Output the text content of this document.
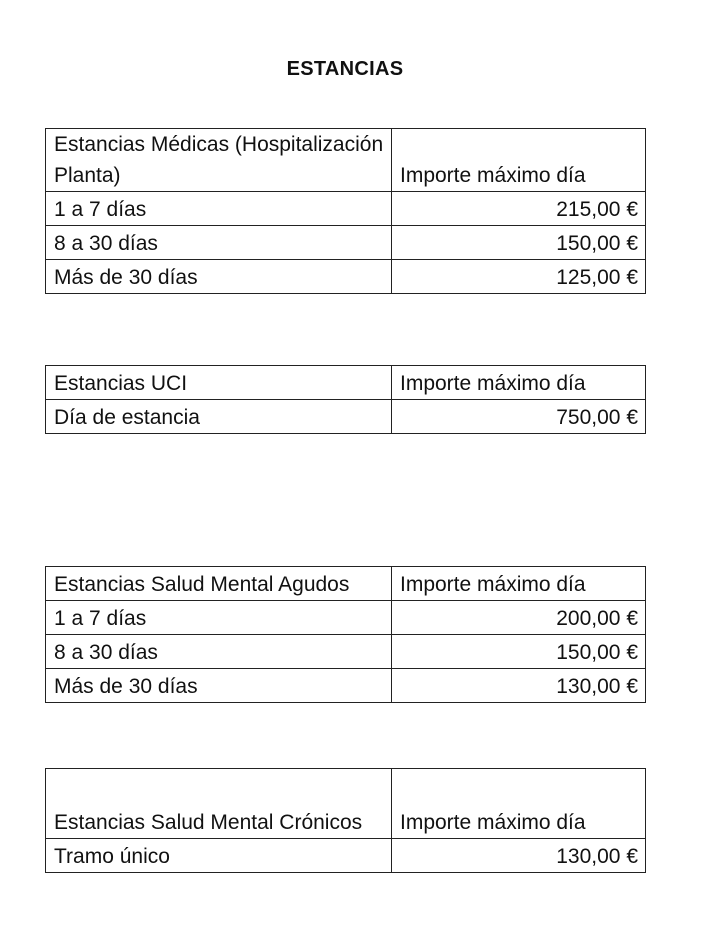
ESTANCIAS
Estancias Médicas (Hospitalización Planta)	Importe máximo día
1 a 7 días	215,00 €
8 a 30 días	150,00 €
Más de 30 días	125,00 €
Estancias UCI	Importe máximo día
Día de estancia	750,00 €
Estancias Salud Mental Agudos	Importe máximo día
1 a 7 días	200,00 €
8 a 30 días	150,00 €
Más de 30 días	130,00 €
Estancias Salud Mental Crónicos	Importe máximo día
Tramo único	130,00 €
